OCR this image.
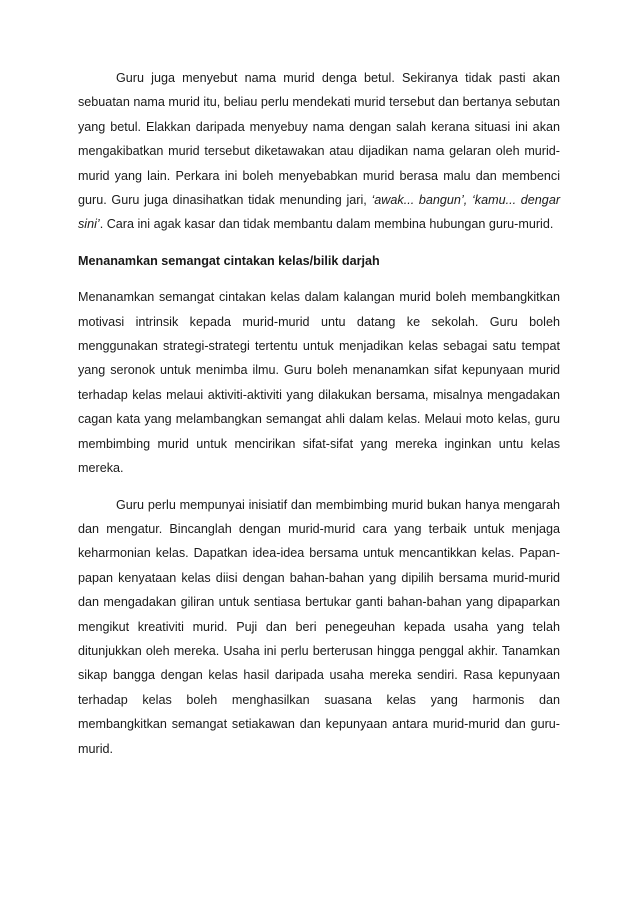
Guru juga menyebut nama murid denga betul. Sekiranya tidak pasti akan sebuatan nama murid itu, beliau perlu mendekati murid tersebut dan bertanya sebutan yang betul. Elakkan daripada menyebuy nama dengan salah kerana situasi ini akan mengakibatkan murid tersebut diketawakan atau dijadikan nama gelaran oleh murid-murid yang lain. Perkara ini boleh menyebabkan murid berasa malu dan membenci guru. Guru juga dinasihatkan tidak menunding jari, ‘awak... bangun’, ‘kamu... dengar sini’. Cara ini agak kasar dan tidak membantu dalam membina hubungan guru-murid.

Menanamkan semangat cintakan kelas/bilik darjah

Menanamkan semangat cintakan kelas dalam kalangan murid boleh membangkitkan motivasi intrinsik kepada murid-murid untu datang ke sekolah. Guru boleh menggunakan strategi-strategi tertentu untuk menjadikan kelas sebagai satu tempat yang seronok untuk menimba ilmu. Guru boleh menanamkan sifat kepunyaan murid terhadap kelas melaui aktiviti-aktiviti yang dilakukan bersama, misalnya mengadakan cagan kata yang melambangkan semangat ahli dalam kelas. Melaui moto kelas, guru membimbing murid untuk mencirikan sifat-sifat yang mereka inginkan untu kelas mereka.

Guru perlu mempunyai inisiatif dan membimbing murid bukan hanya mengarah dan mengatur. Bincanglah dengan murid-murid cara yang terbaik untuk menjaga keharmonian kelas. Dapatkan idea-idea bersama untuk mencantikkan kelas. Papan-papan kenyataan kelas diisi dengan bahan-bahan yang dipilih bersama murid-murid dan mengadakan giliran untuk sentiasa bertukar ganti bahan-bahan yang dipaparkan mengikut kreativiti murid. Puji dan beri penegeuhan kepada usaha yang telah ditunjukkan oleh mereka. Usaha ini perlu berterusan hingga penggal akhir. Tanamkan sikap bangga dengan kelas hasil daripada usaha mereka sendiri. Rasa kepunyaan terhadap kelas boleh menghasilkan suasana kelas yang harmonis dan membangkitkan semangat setiakawan dan kepunyaan antara murid-murid dan guru-murid.
